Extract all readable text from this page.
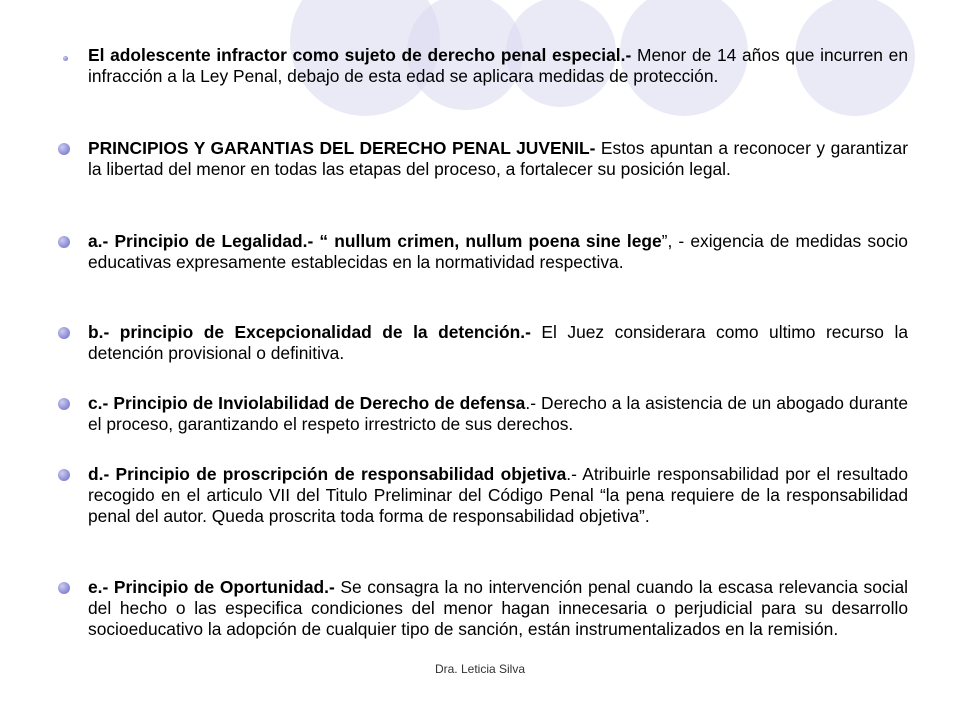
El adolescente infractor como sujeto de derecho penal especial.- Menor de 14 años que incurren en infracción a la Ley Penal, debajo de esta edad se aplicara medidas de protección.
PRINCIPIOS Y GARANTIAS DEL DERECHO PENAL JUVENIL- Estos apuntan a reconocer y garantizar la libertad del menor en todas las etapas del proceso, a fortalecer su posición legal.
a.- Principio de Legalidad.- “ nullum crimen, nullum poena sine lege”, - exigencia de medidas socio educativas expresamente establecidas en la normatividad respectiva.
b.- principio de Excepcionalidad de la detención.- El Juez considerara como ultimo recurso la detención provisional o definitiva.
c.- Principio de Inviolabilidad de Derecho de defensa.- Derecho a la asistencia de un abogado durante el proceso, garantizando el respeto irrestricto de sus derechos.
d.- Principio de proscripción de responsabilidad objetiva.- Atribuirle responsabilidad por el resultado recogido en el articulo VII del Titulo Preliminar del Código Penal “la pena requiere de la responsabilidad penal del autor. Queda proscrita toda forma de responsabilidad objetiva”.
e.- Principio de Oportunidad.- Se consagra la no intervención penal cuando la escasa relevancia social del hecho o las especifica condiciones del menor hagan innecesaria o perjudicial para su desarrollo socioeducativo la adopción de cualquier tipo de sanción, están instrumentalizados en la remisión.
Dra. Leticia Silva
